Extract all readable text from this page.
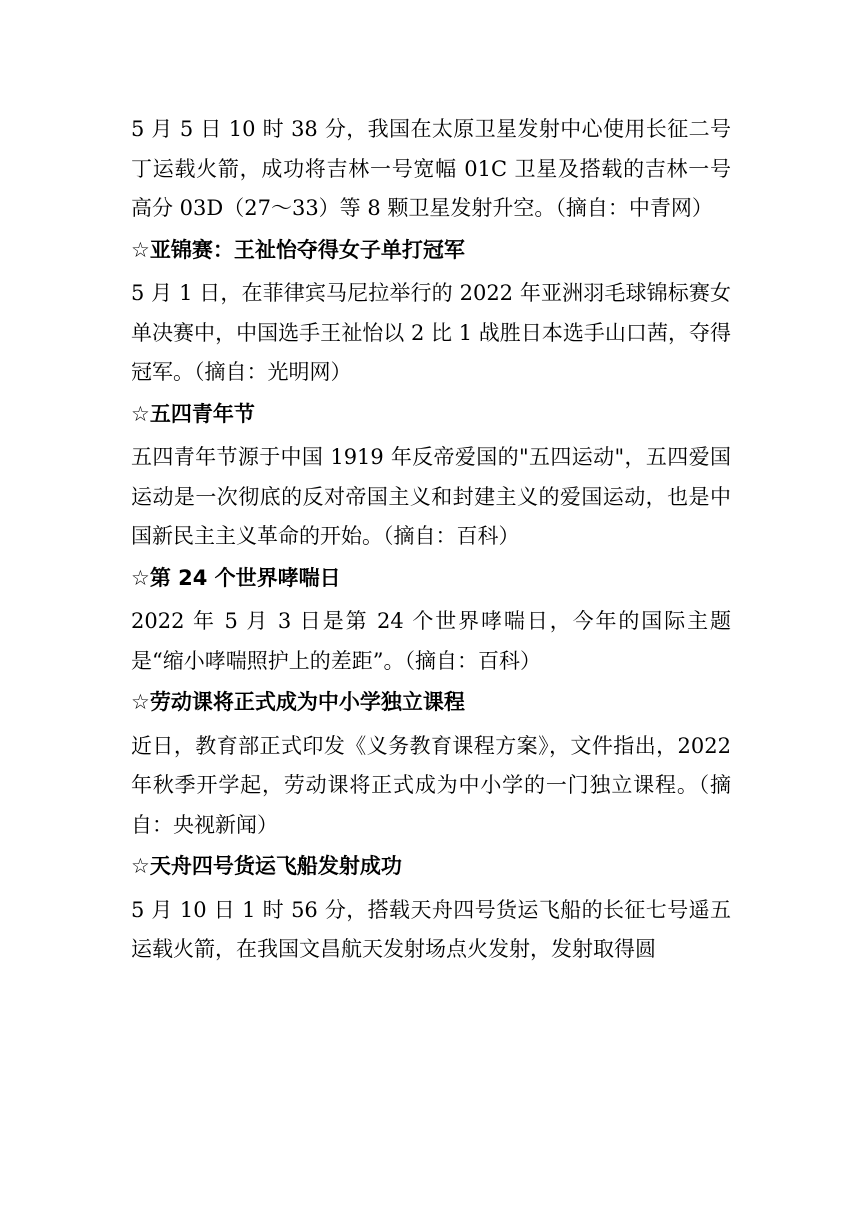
5 月 5 日 10 时 38 分，我国在太原卫星发射中心使用长征二号丁运载火箭，成功将吉林一号宽幅 01C 卫星及搭载的吉林一号高分 03D（27～33）等 8 颗卫星发射升空。（摘自：中青网）

☆亚锦赛：王祉怡夺得女子单打冠军

5 月 1 日，在菲律宾马尼拉举行的 2022 年亚洲羽毛球锦标赛女单决赛中，中国选手王祉怡以 2 比 1 战胜日本选手山口茜，夺得冠军。（摘自：光明网）

☆五四青年节

五四青年节源于中国 1919 年反帝爱国的"五四运动"，五四爱国运动是一次彻底的反对帝国主义和封建主义的爱国运动，也是中国新民主主义革命的开始。（摘自：百科）

☆第 24 个世界哮喘日

2022 年 5 月 3 日是第 24 个世界哮喘日，今年的国际主题是“缩小哮喘照护上的差距”。（摘自：百科）

☆劳动课将正式成为中小学独立课程

近日，教育部正式印发《义务教育课程方案》，文件指出，2022 年秋季开学起，劳动课将正式成为中小学的一门独立课程。（摘自：央视新闻）

☆天舟四号货运飞船发射成功

5 月 10 日 1 时 56 分，搭载天舟四号货运飞船的长征七号遥五运载火箭，在我国文昌航天发射场点火发射，发射取得圆
